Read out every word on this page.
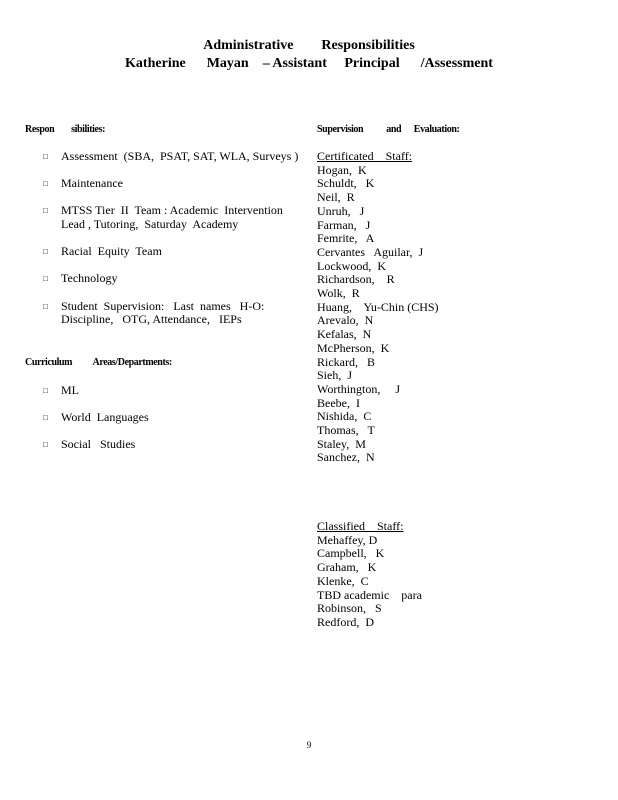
Administrative        Responsibilities
Katherine      Mayan    – Assistant     Principal      /Assessment
Respon        sibilities:	Supervision           and      Evaluation:
□ Assessment  (SBA,  PSAT, SAT, WLA, Surveys )
□ Maintenance
□ MTSS Tier  II  Team : Academic  Intervention
Lead , Tutoring,  Saturday  Academy
□ Racial  Equity  Team
□ Technology
□ Student  Supervision:   Last  names   H-O:
Discipline,   OTG, Attendance,   IEPs
Curriculum          Areas/Departments:
□ ML
□ World  Languages
□ Social   Studies
Certificated    Staff:
Hogan,  K
Schuldt,   K
Neil,  R
Unruh,   J
Farman,   J
Femrite,   A
Cervantes   Aguilar,  J
Lockwood,  K
Richardson,    R
Wolk,  R
Huang,    Yu-Chin (CHS)
Arevalo,  N
Kefalas,  N
McPherson,  K
Rickard,   B
Sieh,  J
Worthington,     J
Beebe,  I
Nishida,  C
Thomas,   T
Staley,  M
Sanchez,  N
Classified    Staff:
Mehaffey, D
Campbell,   K
Graham,   K
Klenke,  C
TBD academic    para
Robinson,   S
Redford,  D
9
